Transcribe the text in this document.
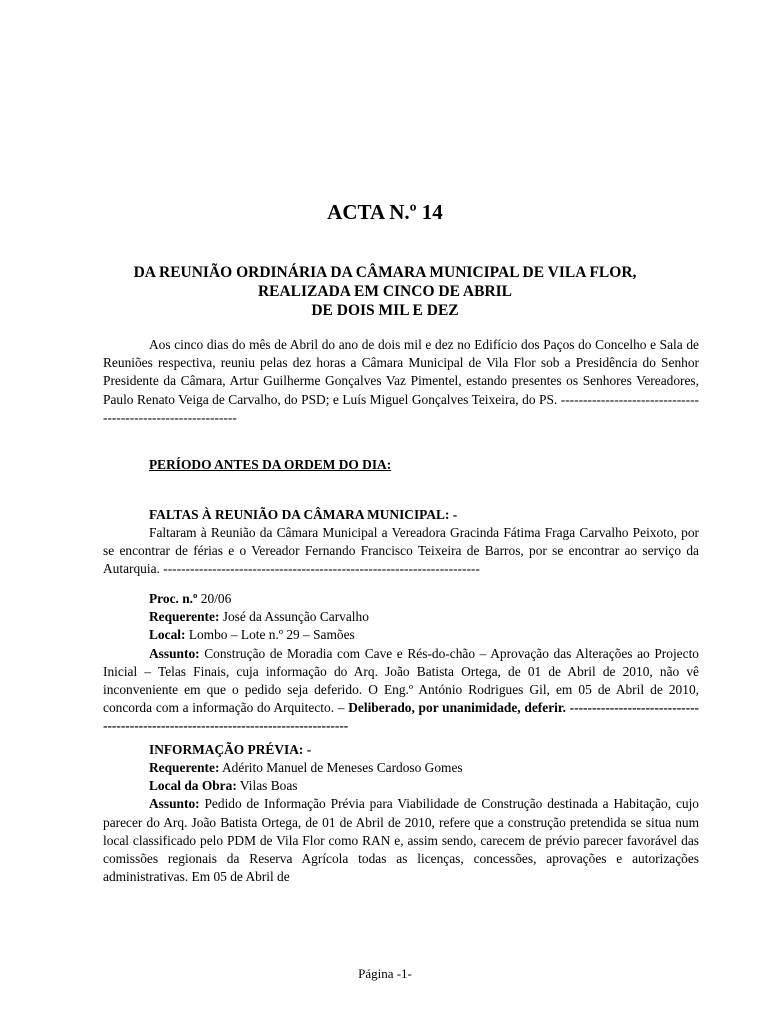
ACTA N.º 14
DA REUNIÃO ORDINÁRIA DA CÂMARA MUNICIPAL DE VILA FLOR,
REALIZADA EM CINCO DE ABRIL
DE DOIS MIL E DEZ

Aos cinco dias do mês de Abril do ano de dois mil e dez no Edifício dos Paços do Concelho e Sala de Reuniões respectiva, reuniu pelas dez horas a Câmara Municipal de Vila Flor sob a Presidência do Senhor Presidente da Câmara, Artur Guilherme Gonçalves Vaz Pimentel, estando presentes os Senhores Vereadores, Paulo Renato Veiga de Carvalho, do PSD; e Luís Miguel Gonçalves Teixeira, do PS. -------------------------------------------------------------

PERÍODO ANTES DA ORDEM DO DIA:
FALTAS À REUNIÃO DA CÂMARA MUNICIPAL: -

Faltaram à Reunião da Câmara Municipal a Vereadora Gracinda Fátima Fraga Carvalho Peixoto, por se encontrar de férias e o Vereador Fernando Francisco Teixeira de Barros, por se encontrar ao serviço da Autarquia. -----------------------------------------------------------------------

Proc. n.º 20/06
Requerente: José da Assunção Carvalho
Local: Lombo – Lote n.º 29 – Samões

Assunto: Construção de Moradia com Cave e Rés-do-chão – Aprovação das Alterações ao Projecto Inicial – Telas Finais, cuja informação do Arq. João Batista Ortega, de 01 de Abril de 2010, não vê inconveniente em que o pedido seja deferido. O Eng.º António Rodrigues Gil, em 05 de Abril de 2010, concorda com a informação do Arquitecto. – Deliberado, por unanimidade, deferir. ------------------------------------------------------------------------------------

INFORMAÇÃO PRÉVIA: -
Requerente: Adérito Manuel de Meneses Cardoso Gomes
Local da Obra: Vilas Boas

Assunto: Pedido de Informação Prévia para Viabilidade de Construção destinada a Habitação, cujo parecer do Arq. João Batista Ortega, de 01 de Abril de 2010, refere que a construção pretendida se situa num local classificado pelo PDM de Vila Flor como RAN e, assim sendo, carecem de prévio parecer favorável das comissões regionais da Reserva Agrícola todas as licenças, concessões, aprovações e autorizações administrativas. Em 05 de Abril de

Página -1-
